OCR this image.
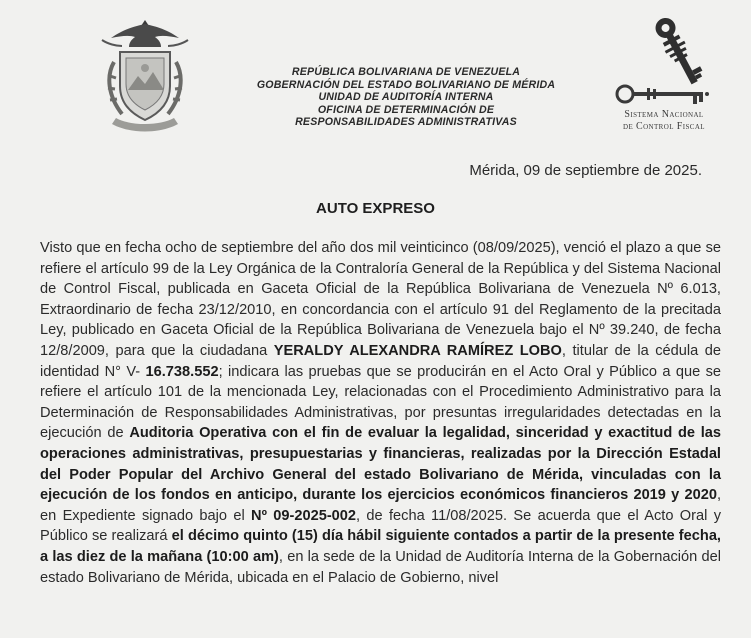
REPÚBLICA BOLIVARIANA DE VENEZUELA
GOBERNACIÓN DEL ESTADO BOLIVARIANO DE MÉRIDA
UNIDAD DE AUDITORÍA INTERNA
OFICINA DE DETERMINACIÓN DE
RESPONSABILIDADES ADMINISTRATIVAS
Sistema Nacional
de Control Fiscal
Mérida, 09 de septiembre de 2025.
AUTO EXPRESO
Visto que en fecha ocho de septiembre del año dos mil veinticinco (08/09/2025), venció el plazo a que se refiere el artículo 99 de la Ley Orgánica de la Contraloría General de la República y del Sistema Nacional de Control Fiscal, publicada en Gaceta Oficial de la República Bolivariana de Venezuela Nº 6.013, Extraordinario de fecha 23/12/2010, en concordancia con el artículo 91 del Reglamento de la precitada Ley, publicado en Gaceta Oficial de la República Bolivariana de Venezuela bajo el Nº 39.240, de fecha 12/8/2009, para que la ciudadana YERALDY ALEXANDRA RAMÍREZ LOBO, titular de la cédula de identidad N° V- 16.738.552; indicara las pruebas que se producirán en el Acto Oral y Público a que se refiere el artículo 101 de la mencionada Ley, relacionadas con el Procedimiento Administrativo para la Determinación de Responsabilidades Administrativas, por presuntas irregularidades detectadas en la ejecución de Auditoria Operativa con el fin de evaluar la legalidad, sinceridad y exactitud de las operaciones administrativas, presupuestarias y financieras, realizadas por la Dirección Estadal del Poder Popular del Archivo General del estado Bolivariano de Mérida, vinculadas con la ejecución de los fondos en anticipo, durante los ejercicios económicos financieros 2019 y 2020, en Expediente signado bajo el Nº 09-2025-002, de fecha 11/08/2025. Se acuerda que el Acto Oral y Público se realizará el décimo quinto (15) día hábil siguiente contados a partir de la presente fecha, a las diez de la mañana (10:00 am), en la sede de la Unidad de Auditoría Interna de la Gobernación del estado Bolivariano de Mérida, ubicada en el Palacio de Gobierno, nivel
